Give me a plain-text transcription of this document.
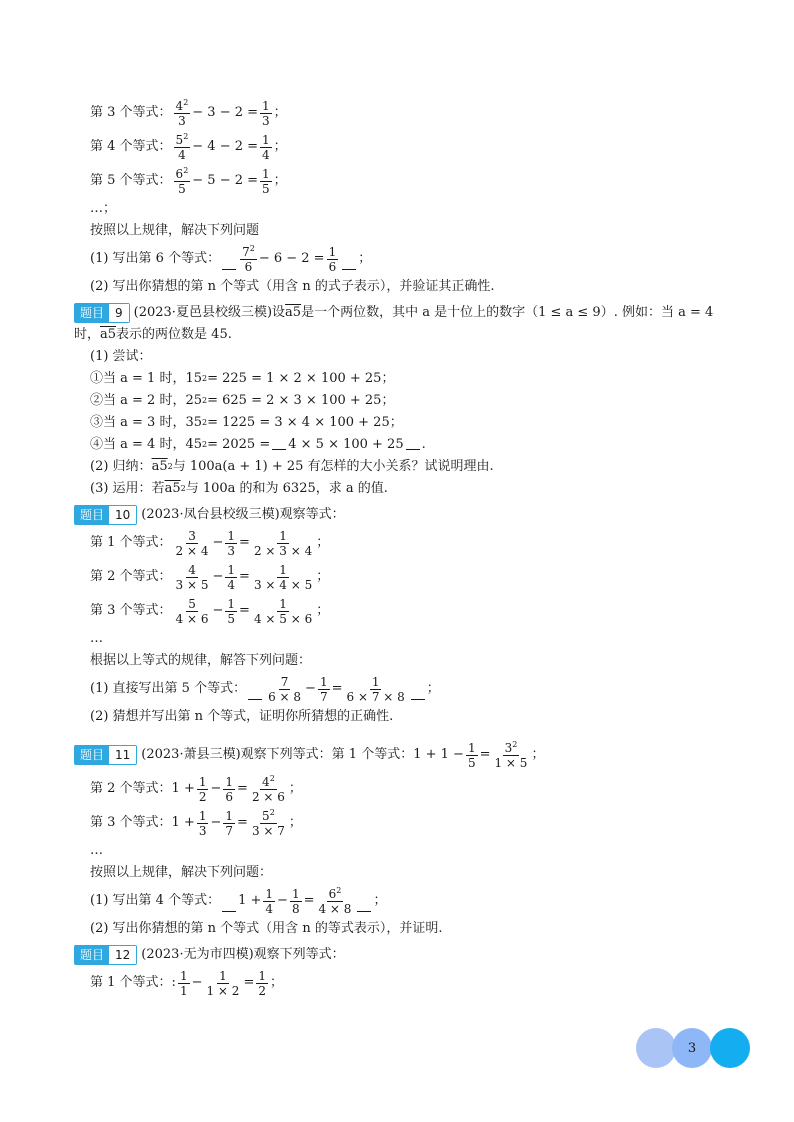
第 3 个等式： $\frac{4^2}{3} - 3 - 2 = \frac{1}{3}$ ；
第 4 个等式： $\frac{5^2}{4} - 4 - 2 = \frac{1}{4}$ ；
第 5 个等式： $\frac{6^2}{5} - 5 - 2 = \frac{1}{5}$ ；
…；
按照以上规律，解决下列问题
(1) 写出第 6 个等式： $\frac{7^2}{6} - 6 - 2 = \frac{1}{6}$ ；
(2) 写出你猜想的第 n 个等式（用含 n 的式子表示），并验证其正确性.
题目 9 (2023·夏邑县校级三模) 设 a5 是一个两位数，其中 a 是十位上的数字（1 ≤ a ≤ 9）. 例如：当 a = 4
时， a5 表示的两位数是 45.
(1) 尝试：
①当 a = 1 时，15 2 = 225 = 1 × 2 × 100 + 25；
②当 a = 2 时，25 2 = 625 = 2 × 3 × 100 + 25；
③当 a = 3 时，35 2 = 1225 = 3 × 4 × 100 + 25；
④当 a = 4 时，45 2 = 2025 = 4 × 5 × 100 + 25 .
(2) 归纳： a5 2 与 100a(a + 1) + 25 有怎样的大小关系？试说明理由.
(3) 运用：若 a5 2 与 100a 的和为 6325，求 a 的值.
题目 10 (2023·凤台县校级三模) 观察等式：
第 1 个等式： $\frac{3}{2 \times 4} - \frac{1}{3} = \frac{1}{2 \times 3 \times 4}$ ；
第 2 个等式： $\frac{4}{3 \times 5} - \frac{1}{4} = \frac{1}{3 \times 4 \times 5}$ ；
第 3 个等式： $\frac{5}{4 \times 6} - \frac{1}{5} = \frac{1}{4 \times 5 \times 6}$ ；
…
根据以上等式的规律，解答下列问题：
(1) 直接写出第 5 个等式： $\frac{7}{6 \times 8} - \frac{1}{7} = \frac{1}{6 \times 7 \times 8}$ ；
(2) 猜想并写出第 n 个等式，证明你所猜想的正确性.
题目 11 (2023·萧县三模) 观察下列等式：第 1 个等式：$1 + 1 - \frac{1}{5} = \frac{3^2}{1 \times 5}$ ；
第 2 个等式：$1 + \frac{1}{2} - \frac{1}{6} = \frac{4^2}{2 \times 6}$ ；
第 3 个等式：$1 + \frac{1}{3} - \frac{1}{7} = \frac{5^2}{3 \times 7}$ ；
…
按照以上规律，解决下列问题：
(1) 写出第 4 个等式： $1 + \frac{1}{4} - \frac{1}{8} = \frac{6^2}{4 \times 8}$ ；
(2) 写出你猜想的第 n 个等式（用含 n 的等式表示），并证明.
题目 12 (2023·无为市四模) 观察下列等式：
第 1 个等式： : $\frac{1}{1} - \frac{1}{1 \times 2} = \frac{1}{2}$ ；
3
